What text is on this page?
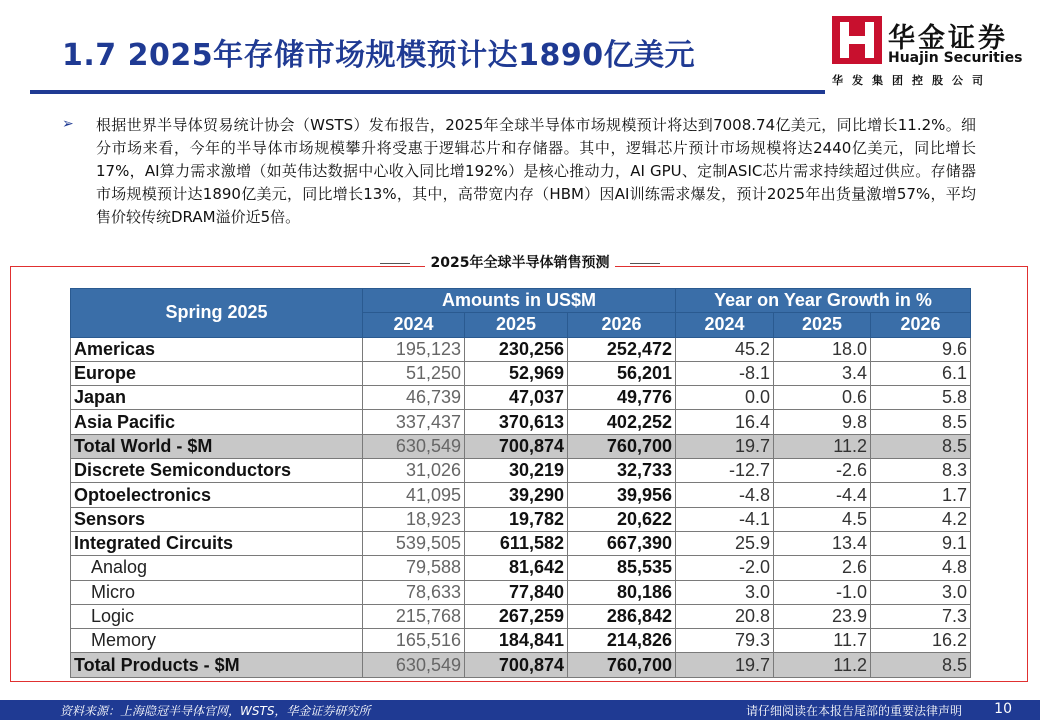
1.7 2025年存储市场规模预计达1890亿美元	华金证券
Huajin Securities
华发集团控股公司
➢ 根据世界半导体贸易统计协会（WSTS）发布报告，2025年全球半导体市场规模预计将达到7008.74亿美元，同比增长11.2%。细分市场来看，今年的半导体市场规模攀升将受惠于逻辑芯片和存储器。其中，逻辑芯片预计市场规模将达2440亿美元，同比增长17%，AI算力需求激增（如英伟达数据中心收入同比增192%）是核心推动力，AI GPU、定制ASIC芯片需求持续超过供应。存储器市场规模预计达1890亿美元，同比增长13%，其中，高带宽内存（HBM）因AI训练需求爆发，预计2025年出货量激增57%，平均售价较传统DRAM溢价近5倍。
2025年全球半导体销售预测
Spring 2025	Amounts in US$M			Year on Year Growth in %		
	2024	2025	2026	2024	2025	2026
Americas	195,123	230,256	252,472	45.2	18.0	9.6
Europe	51,250	52,969	56,201	-8.1	3.4	6.1
Japan	46,739	47,037	49,776	0.0	0.6	5.8
Asia Pacific	337,437	370,613	402,252	16.4	9.8	8.5
Total World - $M	630,549	700,874	760,700	19.7	11.2	8.5
Discrete Semiconductors	31,026	30,219	32,733	-12.7	-2.6	8.3
Optoelectronics	41,095	39,290	39,956	-4.8	-4.4	1.7
Sensors	18,923	19,782	20,622	-4.1	4.5	4.2
Integrated Circuits	539,505	611,582	667,390	25.9	13.4	9.1
Analog	79,588	81,642	85,535	-2.0	2.6	4.8
Micro	78,633	77,840	80,186	3.0	-1.0	3.0
Logic	215,768	267,259	286,842	20.8	23.9	7.3
Memory	165,516	184,841	214,826	79.3	11.7	16.2
Total Products - $M	630,549	700,874	760,700	19.7	11.2	8.5
资料来源：上海隐冠半导体官网，WSTS，华金证券研究所	请仔细阅读在本报告尾部的重要法律声明 10
